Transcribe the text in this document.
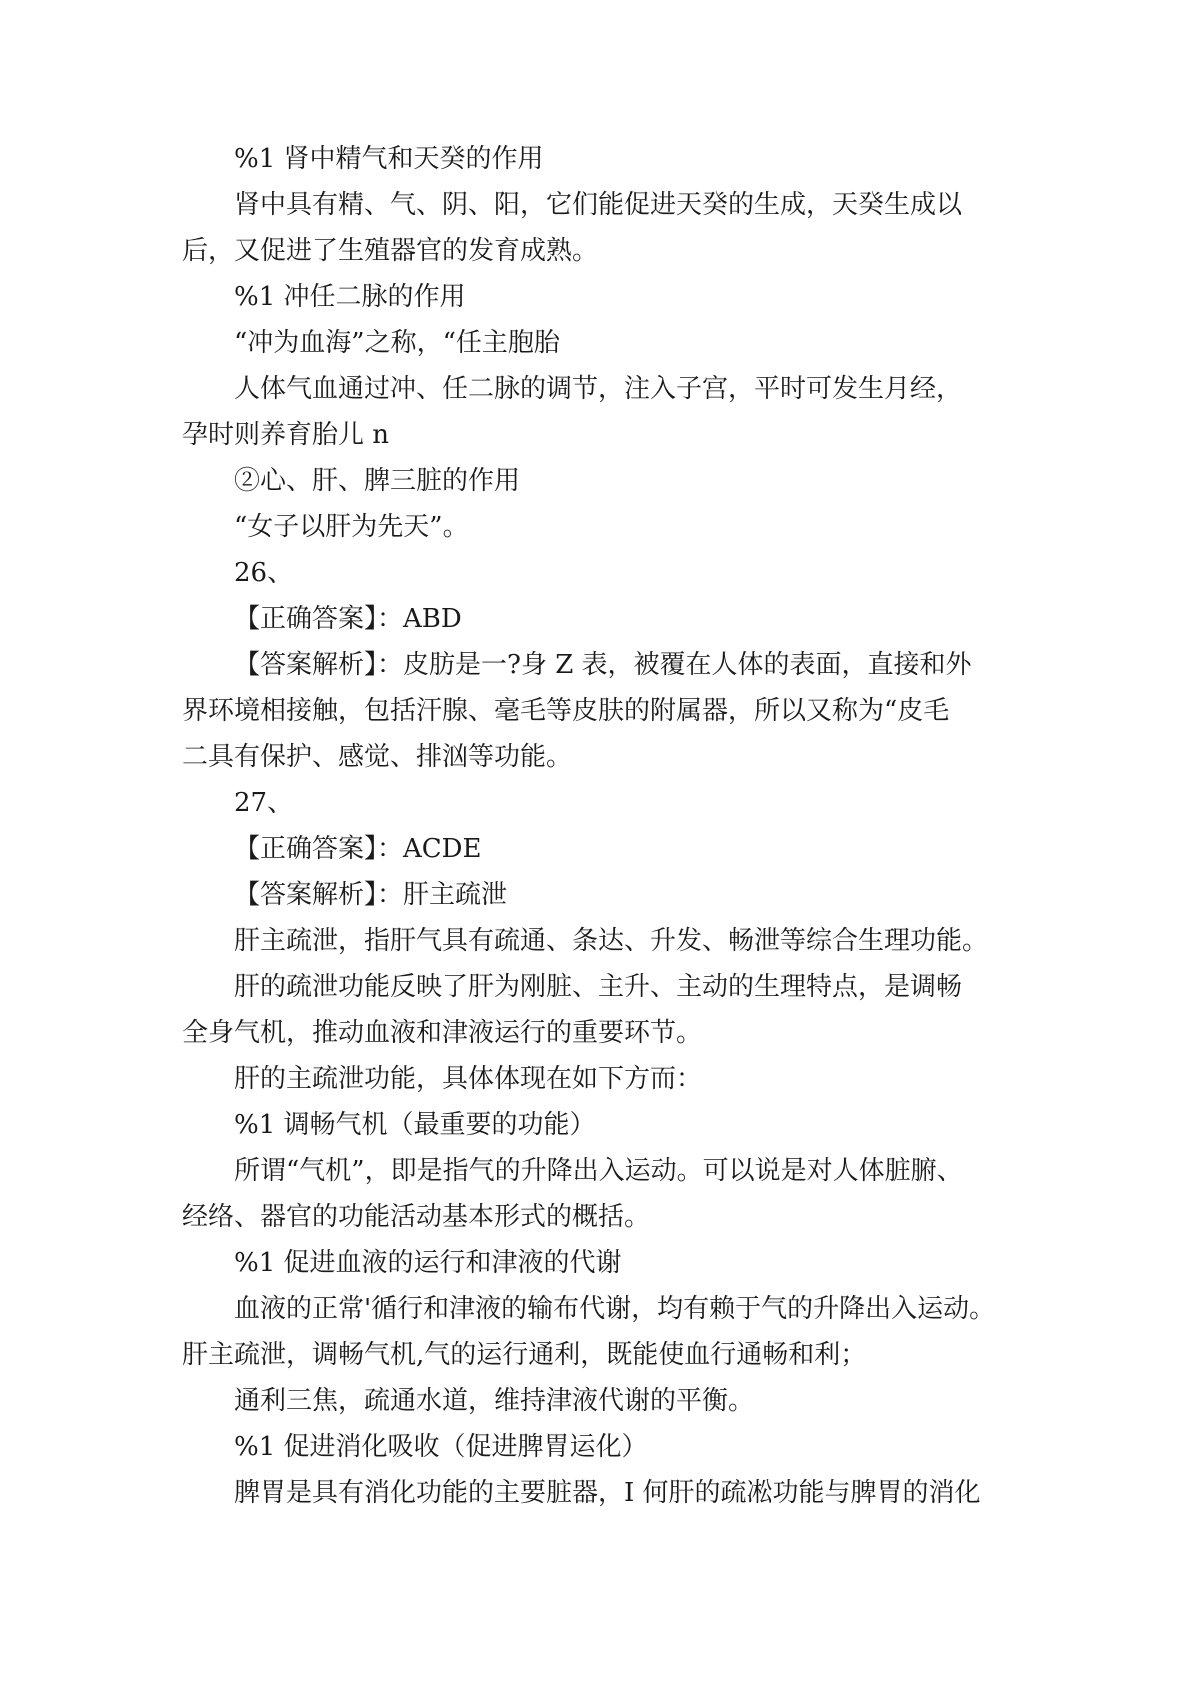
%1 肾中精气和天癸的作用

肾中具有精、气、阴、阳，它们能促进天癸的生成，天癸生成以

后，又促进了生殖器官的发育成熟。

%1 冲任二脉的作用

“冲为血海”之称，“任主胞胎

人体气血通过冲、任二脉的调节，注入子宫，平时可发生月经，

孕时则养育胎儿 n

②心、肝、脾三脏的作用

“女子以肝为先天”。

26、

【正确答案】：ABD

【答案解析】：皮肪是一?身 Z 表，被覆在人体的表面，直接和外

界环境相接触，包括汗腺、毫毛等皮肤的附属器，所以又称为“皮毛

二具有保护、感觉、排汹等功能。

27、

【正确答案】：ACDE

【答案解析】：肝主疏泄

肝主疏泄，指肝气具有疏通、条达、升发、畅泄等综合生理功能。

肝的疏泄功能反映了肝为刚脏、主升、主动的生理特点，是调畅

全身气机，推动血液和津液运行的重要环节。

肝的主疏泄功能，具体体现在如下方而：

%1 调畅气机（最重要的功能）

所谓“气机”，即是指气的升降出入运动。可以说是对人体脏腑、

经络、器官的功能活动基本形式的概括。

%1 促进血液的运行和津液的代谢

血液的正常'循行和津液的输布代谢，均有赖于气的升降出入运动。

肝主疏泄，调畅气机,气的运行通利，既能使血行通畅和利；

通利三焦，疏通水道，维持津液代谢的平衡。

%1 促进消化吸收（促进脾胃运化）

脾胃是具有消化功能的主要脏器，I 何肝的疏凇功能与脾胃的消化
